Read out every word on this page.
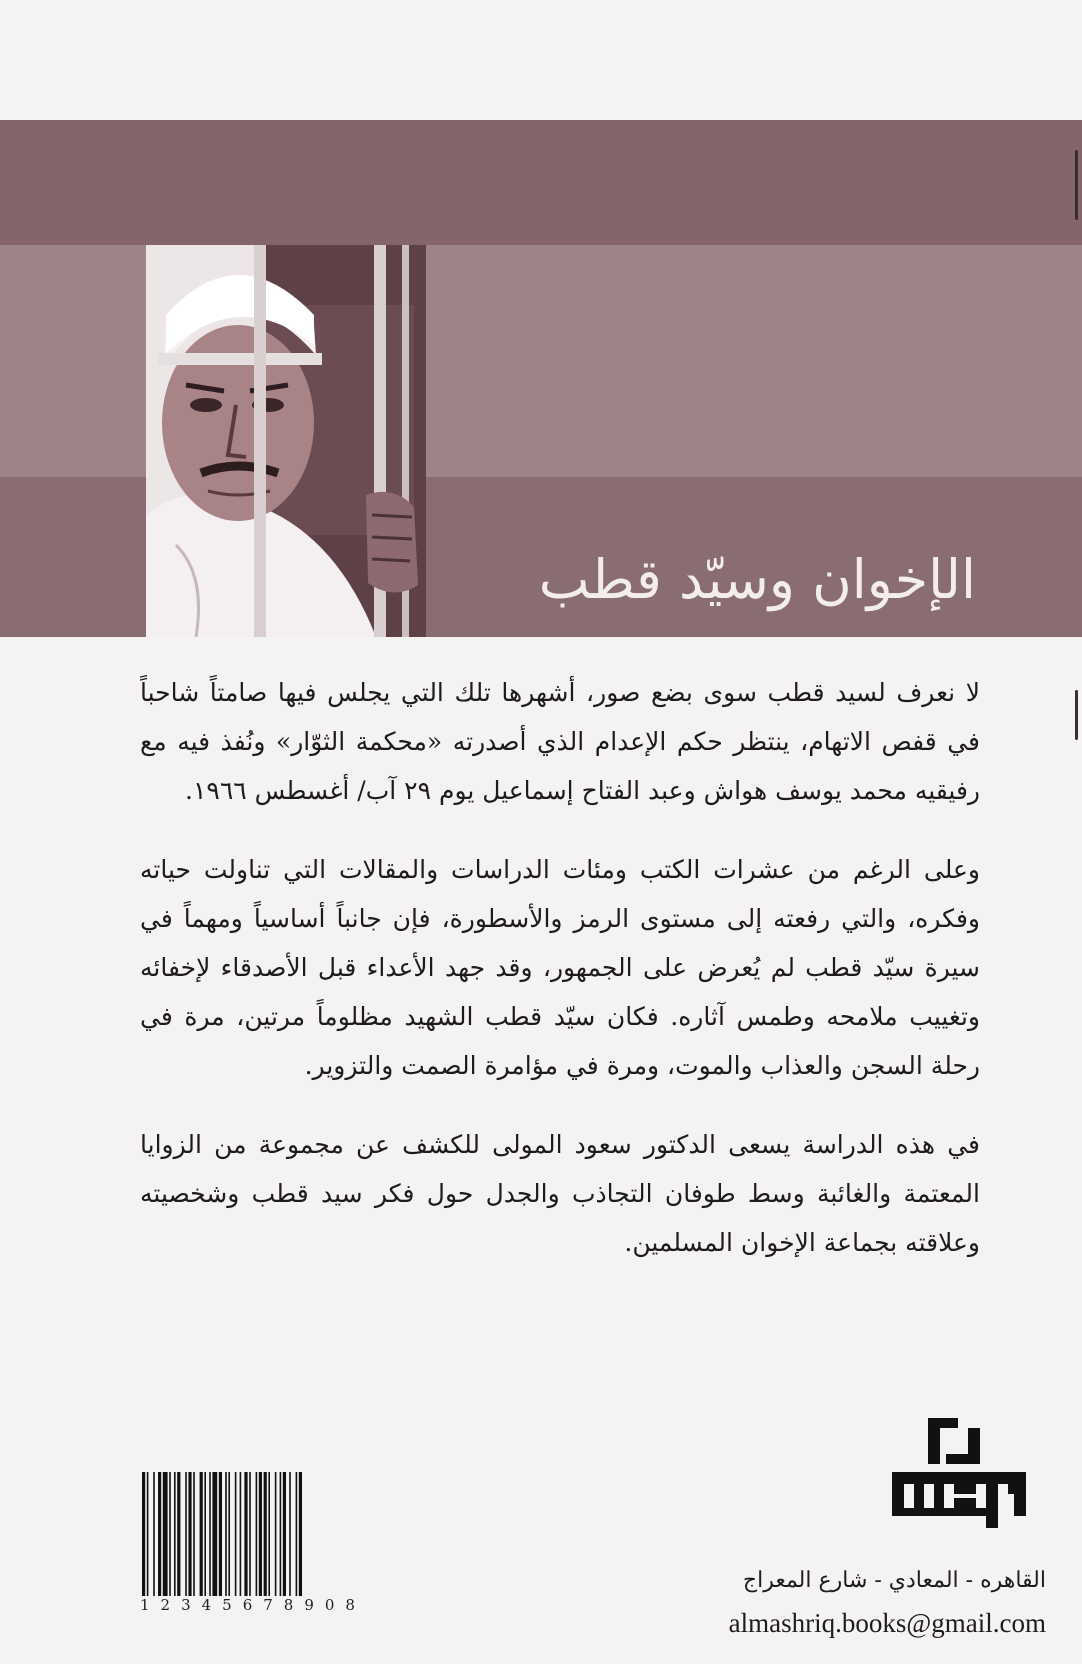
الإخوان وسيّد قطب

لا نعرف لسيد قطب سوى بضع صور، أشهرها تلك التي يجلس فيها صامتاً شاحباً في قفص الاتهام، ينتظر حكم الإعدام الذي أصدرته «محكمة الثوّار» ونُفذ فيه مع رفيقيه محمد يوسف هواش وعبد الفتاح إسماعيل يوم ٢٩ آب/ أغسطس ١٩٦٦.

وعلى الرغم من عشرات الكتب ومئات الدراسات والمقالات التي تناولت حياته وفكره، والتي رفعته إلى مستوى الرمز والأسطورة، فإن جانباً أساسياً ومهماً في سيرة سيّد قطب لم يُعرض على الجمهور، وقد جهد الأعداء قبل الأصدقاء لإخفائه وتغييب ملامحه وطمس آثاره. فكان سيّد قطب الشهيد مظلوماً مرتين، مرة في رحلة السجن والعذاب والموت، ومرة في مؤامرة الصمت والتزوير.

في هذه الدراسة يسعى الدكتور سعود المولى للكشف عن مجموعة من الزوايا المعتمة والغائبة وسط طوفان التجاذب والجدل حول فكر سيد قطب وشخصيته وعلاقته بجماعة الإخوان المسلمين.

12345678908
القاهره - المعادي - شارع المعراج
almashriq.books@gmail.com
